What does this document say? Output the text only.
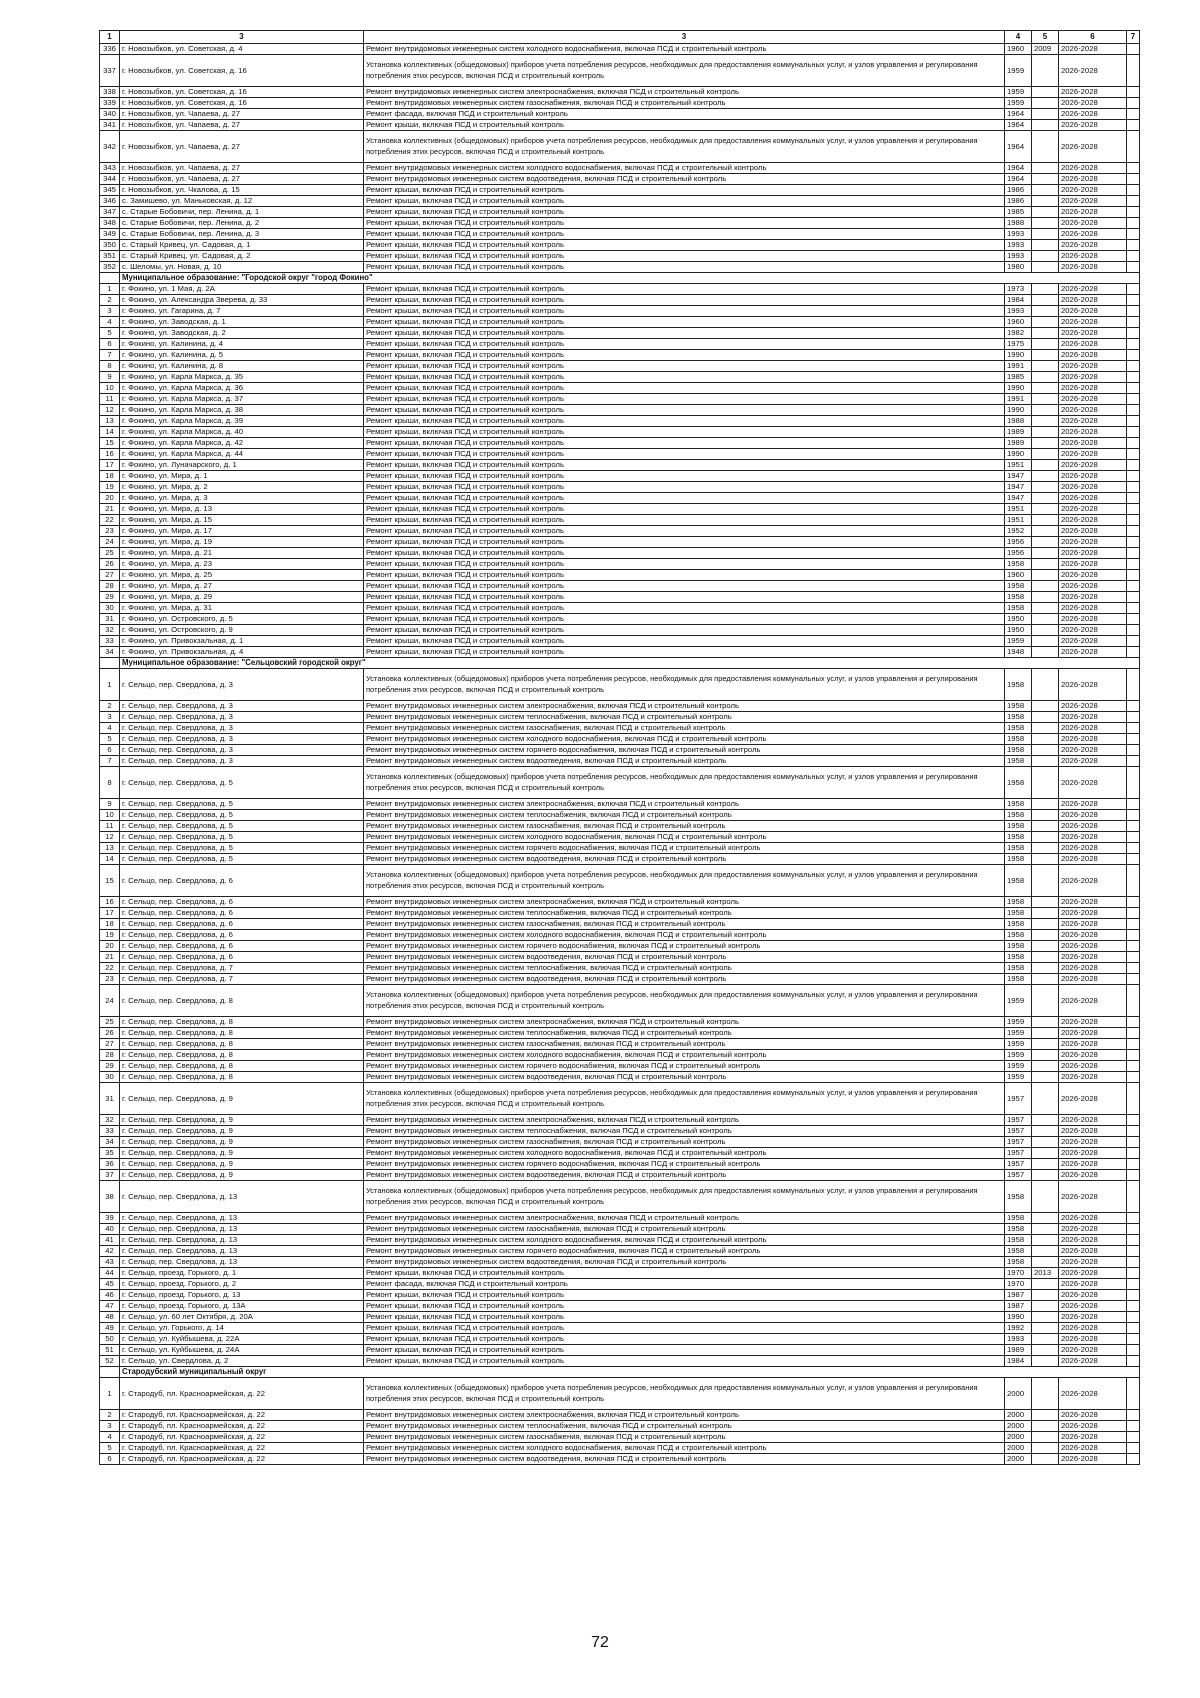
1	3	3	4	5	6	7
336	г. Новозыбков, ул. Советская, д. 4	Ремонт внутридомовых инженерных систем холодного водоснабжения, включая ПСД и строительный контроль	1960	2009	2026-2028	
337	г. Новозыбков, ул. Советская, д. 16	Установка коллективных (общедомовых) приборов учета потребления ресурсов, необходимых для предоставления коммунальных услуг, и узлов управления и регулирования потребления этих ресурсов, включая ПСД и строительный контроль	1959		2026-2028	
338	г. Новозыбков, ул. Советская, д. 16	Ремонт внутридомовых инженерных систем электроснабжения, включая ПСД и строительный контроль	1959		2026-2028	
339	г. Новозыбков, ул. Советская, д. 16	Ремонт внутридомовых инженерных систем газоснабжения, включая ПСД и строительный контроль	1959		2026-2028	
340	г. Новозыбков, ул. Чапаева, д. 27	Ремонт фасада, включая ПСД и строительный контроль	1964		2026-2028	
341	г. Новозыбков, ул. Чапаева, д. 27	Ремонт крыши, включая ПСД и строительный контроль	1964		2026-2028	
342	г. Новозыбков, ул. Чапаева, д. 27	Установка коллективных (общедомовых) приборов учета потребления ресурсов, необходимых для предоставления коммунальных услуг, и узлов управления и регулирования потребления этих ресурсов, включая ПСД и строительный контроль	1964		2026-2028	
343	г. Новозыбков, ул. Чапаева, д. 27	Ремонт внутридомовых инженерных систем холодного водоснабжения, включая ПСД и строительный контроль	1964		2026-2028	
344	г. Новозыбков, ул. Чапаева, д. 27	Ремонт внутридомовых инженерных систем водоотведения, включая ПСД и строительный контроль	1964		2026-2028	
345	г. Новозыбков, ул. Чкалова, д. 15	Ремонт крыши, включая ПСД и строительный контроль	1986		2026-2028	
346	с. Замишево, ул. Маньковская, д. 12	Ремонт крыши, включая ПСД и строительный контроль	1986		2026-2028	
347	с. Старые Бобовичи, пер. Ленина, д. 1	Ремонт крыши, включая ПСД и строительный контроль	1985		2026-2028	
348	с. Старые Бобовичи, пер. Ленина, д. 2	Ремонт крыши, включая ПСД и строительный контроль	1988		2026-2028	
349	с. Старые Бобовичи, пер. Ленина, д. 3	Ремонт крыши, включая ПСД и строительный контроль	1993		2026-2028	
350	с. Старый Кривец, ул. Садовая, д. 1	Ремонт крыши, включая ПСД и строительный контроль	1993		2026-2028	
351	с. Старый Кривец, ул. Садовая, д. 2	Ремонт крыши, включая ПСД и строительный контроль	1993		2026-2028	
352	с. Шеломы, ул. Новая, д. 10	Ремонт крыши, включая ПСД и строительный контроль	1980		2026-2028	
	Муниципальное образование: "Городской округ "город Фокино"					
1	г. Фокино, ул. 1 Мая, д. 2А	Ремонт крыши, включая ПСД и строительный контроль	1973		2026-2028	
2	г. Фокино, ул. Александра Зверева, д. 33	Ремонт крыши, включая ПСД и строительный контроль	1984		2026-2028	
3	г. Фокино, ул. Гагарина, д. 7	Ремонт крыши, включая ПСД и строительный контроль	1993		2026-2028	
4	г. Фокино, ул. Заводская, д. 1	Ремонт крыши, включая ПСД и строительный контроль	1960		2026-2028	
5	г. Фокино, ул. Заводская, д. 2	Ремонт крыши, включая ПСД и строительный контроль	1982		2026-2028	
6	г. Фокино, ул. Калинина, д. 4	Ремонт крыши, включая ПСД и строительный контроль	1975		2026-2028	
7	г. Фокино, ул. Калинина, д. 5	Ремонт крыши, включая ПСД и строительный контроль	1990		2026-2028	
8	г. Фокино, ул. Калинина, д. 8	Ремонт крыши, включая ПСД и строительный контроль	1991		2026-2028	
9	г. Фокино, ул. Карла Маркса, д. 35	Ремонт крыши, включая ПСД и строительный контроль	1985		2026-2028	
10	г. Фокино, ул. Карла Маркса, д. 36	Ремонт крыши, включая ПСД и строительный контроль	1990		2026-2028	
11	г. Фокино, ул. Карла Маркса, д. 37	Ремонт крыши, включая ПСД и строительный контроль	1991		2026-2028	
12	г. Фокино, ул. Карла Маркса, д. 38	Ремонт крыши, включая ПСД и строительный контроль	1990		2026-2028	
13	г. Фокино, ул. Карла Маркса, д. 39	Ремонт крыши, включая ПСД и строительный контроль	1988		2026-2028	
14	г. Фокино, ул. Карла Маркса, д. 40	Ремонт крыши, включая ПСД и строительный контроль	1989		2026-2028	
15	г. Фокино, ул. Карла Маркса, д. 42	Ремонт крыши, включая ПСД и строительный контроль	1989		2026-2028	
16	г. Фокино, ул. Карла Маркса, д. 44	Ремонт крыши, включая ПСД и строительный контроль	1990		2026-2028	
17	г. Фокино, ул. Луначарского, д. 1	Ремонт крыши, включая ПСД и строительный контроль	1951		2026-2028	
18	г. Фокино, ул. Мира, д. 1	Ремонт крыши, включая ПСД и строительный контроль	1947		2026-2028	
19	г. Фокино, ул. Мира, д. 2	Ремонт крыши, включая ПСД и строительный контроль	1947		2026-2028	
20	г. Фокино, ул. Мира, д. 3	Ремонт крыши, включая ПСД и строительный контроль	1947		2026-2028	
21	г. Фокино, ул. Мира, д. 13	Ремонт крыши, включая ПСД и строительный контроль	1951		2026-2028	
22	г. Фокино, ул. Мира, д. 15	Ремонт крыши, включая ПСД и строительный контроль	1951		2026-2028	
23	г. Фокино, ул. Мира, д. 17	Ремонт крыши, включая ПСД и строительный контроль	1952		2026-2028	
24	г. Фокино, ул. Мира, д. 19	Ремонт крыши, включая ПСД и строительный контроль	1956		2026-2028	
25	г. Фокино, ул. Мира, д. 21	Ремонт крыши, включая ПСД и строительный контроль	1956		2026-2028	
26	г. Фокино, ул. Мира, д. 23	Ремонт крыши, включая ПСД и строительный контроль	1958		2026-2028	
27	г. Фокино, ул. Мира, д. 25	Ремонт крыши, включая ПСД и строительный контроль	1960		2026-2028	
28	г. Фокино, ул. Мира, д. 27	Ремонт крыши, включая ПСД и строительный контроль	1958		2026-2028	
29	г. Фокино, ул. Мира, д. 29	Ремонт крыши, включая ПСД и строительный контроль	1958		2026-2028	
30	г. Фокино, ул. Мира, д. 31	Ремонт крыши, включая ПСД и строительный контроль	1958		2026-2028	
31	г. Фокино, ул. Островского, д. 5	Ремонт крыши, включая ПСД и строительный контроль	1950		2026-2028	
32	г. Фокино, ул. Островского, д. 9	Ремонт крыши, включая ПСД и строительный контроль	1950		2026-2028	
33	г. Фокино, ул. Привокзальная, д. 1	Ремонт крыши, включая ПСД и строительный контроль	1959		2026-2028	
34	г. Фокино, ул. Привокзальная, д. 4	Ремонт крыши, включая ПСД и строительный контроль	1948		2026-2028	
	Муниципальное образование: "Сельцовский городской округ"					
1	г. Сельцо, пер. Свердлова, д. 3	Установка коллективных (общедомовых) приборов учета потребления ресурсов, необходимых для предоставления коммунальных услуг, и узлов управления и регулирования потребления этих ресурсов, включая ПСД и строительный контроль	1958		2026-2028	
2	г. Сельцо, пер. Свердлова, д. 3	Ремонт внутридомовых инженерных систем электроснабжения, включая ПСД и строительный контроль	1958		2026-2028	
3	г. Сельцо, пер. Свердлова, д. 3	Ремонт внутридомовых инженерных систем теплоснабжения, включая ПСД и строительный контроль	1958		2026-2028	
4	г. Сельцо, пер. Свердлова, д. 3	Ремонт внутридомовых инженерных систем газоснабжения, включая ПСД и строительный контроль	1958		2026-2028	
5	г. Сельцо, пер. Свердлова, д. 3	Ремонт внутридомовых инженерных систем холодного водоснабжения, включая ПСД и строительный контроль	1958		2026-2028	
6	г. Сельцо, пер. Свердлова, д. 3	Ремонт внутридомовых инженерных систем горячего водоснабжения, включая ПСД и строительный контроль	1958		2026-2028	
7	г. Сельцо, пер. Свердлова, д. 3	Ремонт внутридомовых инженерных систем водоотведения, включая ПСД и строительный контроль	1958		2026-2028	
8	г. Сельцо, пер. Свердлова, д. 5	Установка коллективных (общедомовых) приборов учета потребления ресурсов, необходимых для предоставления коммунальных услуг, и узлов управления и регулирования потребления этих ресурсов, включая ПСД и строительный контроль	1958		2026-2028	
9	г. Сельцо, пер. Свердлова, д. 5	Ремонт внутридомовых инженерных систем электроснабжения, включая ПСД и строительный контроль	1958		2026-2028	
10	г. Сельцо, пер. Свердлова, д. 5	Ремонт внутридомовых инженерных систем теплоснабжения, включая ПСД и строительный контроль	1958		2026-2028	
11	г. Сельцо, пер. Свердлова, д. 5	Ремонт внутридомовых инженерных систем газоснабжения, включая ПСД и строительный контроль	1958		2026-2028	
12	г. Сельцо, пер. Свердлова, д. 5	Ремонт внутридомовых инженерных систем холодного водоснабжения, включая ПСД и строительный контроль	1958		2026-2028	
13	г. Сельцо, пер. Свердлова, д. 5	Ремонт внутридомовых инженерных систем горячего водоснабжения, включая ПСД и строительный контроль	1958		2026-2028	
14	г. Сельцо, пер. Свердлова, д. 5	Ремонт внутридомовых инженерных систем водоотведения, включая ПСД и строительный контроль	1958		2026-2028	
15	г. Сельцо, пер. Свердлова, д. 6	Установка коллективных (общедомовых) приборов учета потребления ресурсов, необходимых для предоставления коммунальных услуг, и узлов управления и регулирования потребления этих ресурсов, включая ПСД и строительный контроль	1958		2026-2028	
16	г. Сельцо, пер. Свердлова, д. 6	Ремонт внутридомовых инженерных систем электроснабжения, включая ПСД и строительный контроль	1958		2026-2028	
17	г. Сельцо, пер. Свердлова, д. 6	Ремонт внутридомовых инженерных систем теплоснабжения, включая ПСД и строительный контроль	1958		2026-2028	
18	г. Сельцо, пер. Свердлова, д. 6	Ремонт внутридомовых инженерных систем газоснабжения, включая ПСД и строительный контроль	1958		2026-2028	
19	г. Сельцо, пер. Свердлова, д. 6	Ремонт внутридомовых инженерных систем холодного водоснабжения, включая ПСД и строительный контроль	1958		2026-2028	
20	г. Сельцо, пер. Свердлова, д. 6	Ремонт внутридомовых инженерных систем горячего водоснабжения, включая ПСД и строительный контроль	1958		2026-2028	
21	г. Сельцо, пер. Свердлова, д. 6	Ремонт внутридомовых инженерных систем водоотведения, включая ПСД и строительный контроль	1958		2026-2028	
22	г. Сельцо, пер. Свердлова, д. 7	Ремонт внутридомовых инженерных систем теплоснабжения, включая ПСД и строительный контроль	1958		2026-2028	
23	г. Сельцо, пер. Свердлова, д. 7	Ремонт внутридомовых инженерных систем водоотведения, включая ПСД и строительный контроль	1958		2026-2028	
24	г. Сельцо, пер. Свердлова, д. 8	Установка коллективных (общедомовых) приборов учета потребления ресурсов, необходимых для предоставления коммунальных услуг, и узлов управления и регулирования потребления этих ресурсов, включая ПСД и строительный контроль	1959		2026-2028	
25	г. Сельцо, пер. Свердлова, д. 8	Ремонт внутридомовых инженерных систем электроснабжения, включая ПСД и строительный контроль	1959		2026-2028	
26	г. Сельцо, пер. Свердлова, д. 8	Ремонт внутридомовых инженерных систем теплоснабжения, включая ПСД и строительный контроль	1959		2026-2028	
27	г. Сельцо, пер. Свердлова, д. 8	Ремонт внутридомовых инженерных систем газоснабжения, включая ПСД и строительный контроль	1959		2026-2028	
28	г. Сельцо, пер. Свердлова, д. 8	Ремонт внутридомовых инженерных систем холодного водоснабжения, включая ПСД и строительный контроль	1959		2026-2028	
29	г. Сельцо, пер. Свердлова, д. 8	Ремонт внутридомовых инженерных систем горячего водоснабжения, включая ПСД и строительный контроль	1959		2026-2028	
30	г. Сельцо, пер. Свердлова, д. 8	Ремонт внутридомовых инженерных систем водоотведения, включая ПСД и строительный контроль	1959		2026-2028	
31	г. Сельцо, пер. Свердлова, д. 9	Установка коллективных (общедомовых) приборов учета потребления ресурсов, необходимых для предоставления коммунальных услуг, и узлов управления и регулирования потребления этих ресурсов, включая ПСД и строительный контроль	1957		2026-2028	
32	г. Сельцо, пер. Свердлова, д. 9	Ремонт внутридомовых инженерных систем электроснабжения, включая ПСД и строительный контроль	1957		2026-2028	
33	г. Сельцо, пер. Свердлова, д. 9	Ремонт внутридомовых инженерных систем теплоснабжения, включая ПСД и строительный контроль	1957		2026-2028	
34	г. Сельцо, пер. Свердлова, д. 9	Ремонт внутридомовых инженерных систем газоснабжения, включая ПСД и строительный контроль	1957		2026-2028	
35	г. Сельцо, пер. Свердлова, д. 9	Ремонт внутридомовых инженерных систем холодного водоснабжения, включая ПСД и строительный контроль	1957		2026-2028	
36	г. Сельцо, пер. Свердлова, д. 9	Ремонт внутридомовых инженерных систем горячего водоснабжения, включая ПСД и строительный контроль	1957		2026-2028	
37	г. Сельцо, пер. Свердлова, д. 9	Ремонт внутридомовых инженерных систем водоотведения, включая ПСД и строительный контроль	1957		2026-2028	
38	г. Сельцо, пер. Свердлова, д. 13	Установка коллективных (общедомовых) приборов учета потребления ресурсов, необходимых для предоставления коммунальных услуг, и узлов управления и регулирования потребления этих ресурсов, включая ПСД и строительный контроль	1958		2026-2028	
39	г. Сельцо, пер. Свердлова, д. 13	Ремонт внутридомовых инженерных систем электроснабжения, включая ПСД и строительный контроль	1958		2026-2028	
40	г. Сельцо, пер. Свердлова, д. 13	Ремонт внутридомовых инженерных систем газоснабжения, включая ПСД и строительный контроль	1958		2026-2028	
41	г. Сельцо, пер. Свердлова, д. 13	Ремонт внутридомовых инженерных систем холодного водоснабжения, включая ПСД и строительный контроль	1958		2026-2028	
42	г. Сельцо, пер. Свердлова, д. 13	Ремонт внутридомовых инженерных систем горячего водоснабжения, включая ПСД и строительный контроль	1958		2026-2028	
43	г. Сельцо, пер. Свердлова, д. 13	Ремонт внутридомовых инженерных систем водоотведения, включая ПСД и строительный контроль	1958		2026-2028	
44	г. Сельцо, проезд. Горького, д. 1	Ремонт крыши, включая ПСД и строительный контроль	1970	2013	2026-2028	
45	г. Сельцо, проезд. Горького, д. 2	Ремонт фасада, включая ПСД и строительный контроль	1970		2026-2028	
46	г. Сельцо, проезд. Горького, д. 13	Ремонт крыши, включая ПСД и строительный контроль	1987		2026-2028	
47	г. Сельцо, проезд. Горького, д. 13А	Ремонт крыши, включая ПСД и строительный контроль	1987		2026-2028	
48	г. Сельцо, ул. 60 лет Октября, д. 20А	Ремонт крыши, включая ПСД и строительный контроль	1990		2026-2028	
49	г. Сельцо, ул. Горького, д. 14	Ремонт крыши, включая ПСД и строительный контроль	1992		2026-2028	
50	г. Сельцо, ул. Куйбышева, д. 22А	Ремонт крыши, включая ПСД и строительный контроль	1993		2026-2028	
51	г. Сельцо, ул. Куйбышева, д. 24А	Ремонт крыши, включая ПСД и строительный контроль	1989		2026-2028	
52	г. Сельцо, ул. Свердлова, д. 2	Ремонт крыши, включая ПСД и строительный контроль	1984		2026-2028	
	Стародубский муниципальный округ					
1	г. Стародуб, пл. Красноармейская, д. 22	Установка коллективных (общедомовых) приборов учета потребления ресурсов, необходимых для предоставления коммунальных услуг, и узлов управления и регулирования потребления этих ресурсов, включая ПСД и строительный контроль	2000		2026-2028	
2	г. Стародуб, пл. Красноармейская, д. 22	Ремонт внутридомовых инженерных систем электроснабжения, включая ПСД и строительный контроль	2000		2026-2028	
3	г. Стародуб, пл. Красноармейская, д. 22	Ремонт внутридомовых инженерных систем теплоснабжения, включая ПСД и строительный контроль	2000		2026-2028	
4	г. Стародуб, пл. Красноармейская, д. 22	Ремонт внутридомовых инженерных систем газоснабжения, включая ПСД и строительный контроль	2000		2026-2028	
5	г. Стародуб, пл. Красноармейская, д. 22	Ремонт внутридомовых инженерных систем холодного водоснабжения, включая ПСД и строительный контроль	2000		2026-2028	
6	г. Стародуб, пл. Красноармейская, д. 22	Ремонт внутридомовых инженерных систем водоотведения, включая ПСД и строительный контроль	2000		2026-2028	
72
